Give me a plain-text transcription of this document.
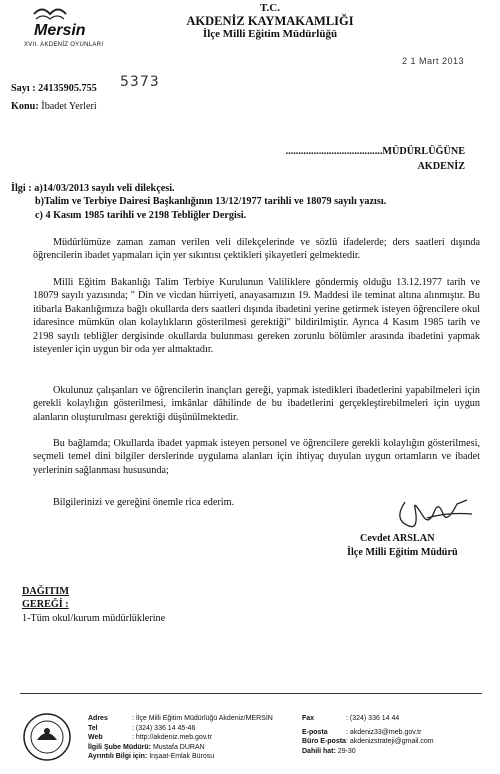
Mersin
XVII. AKDENİZ OYUNLARI
T.C.
AKDENİZ KAYMAKAMLIĞI
İlçe Milli Eğitim Müdürlüğü
2 1 Mart 2013
Sayı : 24135905.755 5373
Konu: İbadet Yerleri
......................................MÜDÜRLÜĞÜNE
AKDENİZ
İlgi : a)14/03/2013 sayılı veli dilekçesi.
b)Talim ve Terbiye Dairesi Başkanlığının 13/12/1977 tarihli ve 18079 sayılı yazısı.
c) 4 Kasım 1985 tarihli ve 2198 Tebliğler Dergisi.
Müdürlümüze zaman zaman verilen veli dilekçelerinde ve sözlü ifadelerde; ders saatleri dışında öğrencilerin ibadet yapmaları için yer sıkıntısı çektikleri şikayetleri gelmektedir.
Milli Eğitim Bakanlığı Talim Terbiye Kurulunun Valiliklere göndermiş olduğu 13.12.1977 tarih ve 18079 sayılı yazısında; " Din ve vicdan hürriyeti, anayasamızın 19. Maddesi ile teminat altına alınmıştır. Bu itibarla Bakanlığımıza bağlı okullarda ders saatleri dışında ibadetini yerine getirmek isteyen öğrencilere okul idaresince mümkün olan kolaylıkların gösterilmesi gerektiği" bildirilmiştir. Ayrıca 4 Kasım 1985 tarih ve 2198 sayılı tebliğler dergisinde okullarda bulunması gereken zorunlu bölümler arasında ibadetini yapmak isteyenler için uygun bir oda yer almaktadır.
Okulunuz çalışanları ve öğrencilerin inançları gereği, yapmak istedikleri ibadetlerini yapabilmeleri için gerekli kolaylığın gösterilmesi, imkânlar dâhilinde de bu ibadetlerini gerçekleştirebilmeleri için uygun alanların oluşturulması gerektiği düşünülmektedir.
Bu bağlamda; Okullarda ibadet yapmak isteyen personel ve öğrencilere gerekli kolaylığın gösterilmesi, seçmeli temel dini bilgiler derslerinde uygulama alanları için ihtiyaç duyulan uygun ortamların ve ibadet yerlerinin sağlanması hususunda;
Bilgilerinizi ve gereğini önemle rica ederim.
Cevdet ARSLAN
İlçe Milli Eğitim Müdürü
DAĞITIM
GEREĞİ :
1-Tüm okul/kurum müdürlüklerine
Adres	: İlçe Milli Eğitim Müdürlüğü Akdeniz/MERSİN
Tel	: (324) 336 14 45-46
Web	: http://akdeniz.meb.gov.tr
İlgili Şube Müdürü: Mustafa DURAN
Ayrıntılı Bilgi için: İnşaat-Emlak Bürosu
Fax	: (324) 336 14 44
E-posta	: akdeniz33@meb.gov.tr
Büro E-posta: akdenizstrateji@gmail.com
Dahili hat: 29-30
